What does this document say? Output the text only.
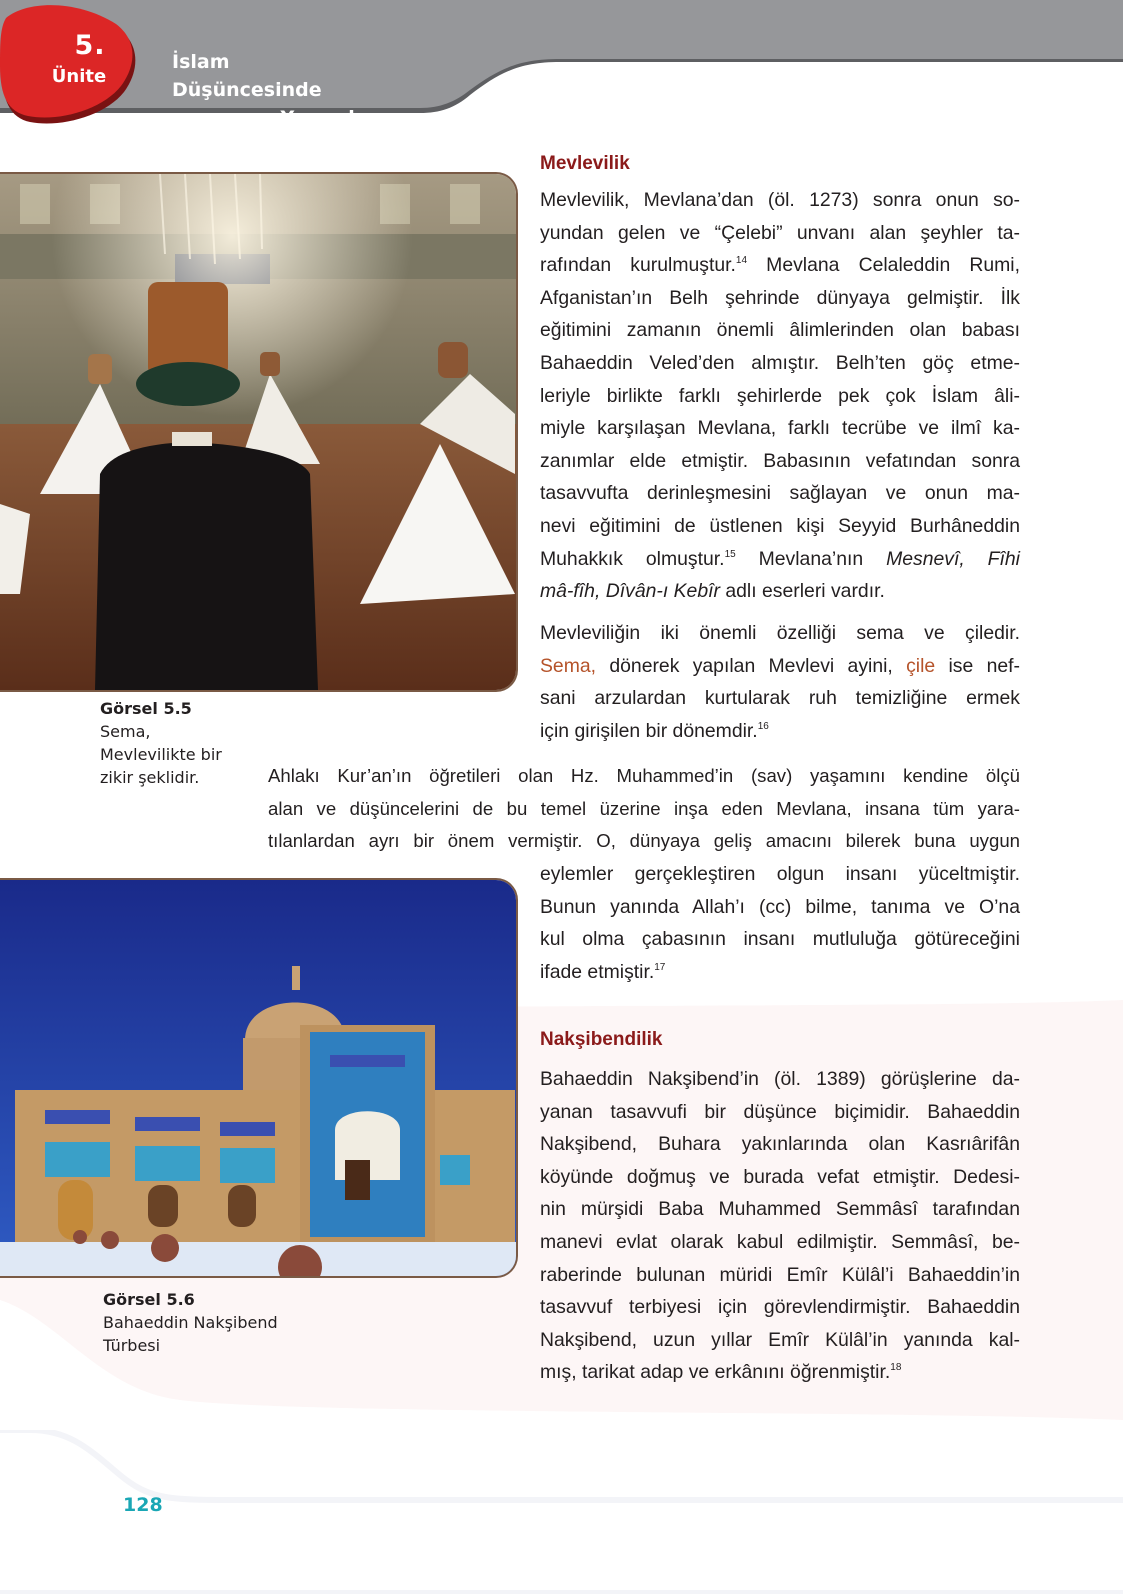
İslam Düşüncesinde
Yorumlar
5.
Ünite
Görsel 5.5
Sema,
Mevlevilikte bir
zikir şeklidir.
Görsel 5.6
Bahaeddin Nakşibend
Türbesi
Mevlevilik
Mevlevilik, Mevlana’dan (öl. 1273) sonra onun so-
yundan gelen ve “Çelebi” unvanı alan şeyhler ta-
rafından kurulmuştur.$^{14}$ Mevlana Celaleddin Rumi,
Afganistan’ın Belh şehrinde dünyaya gelmiştir. İlk
eğitimini zamanın önemli âlimlerinden olan babası
Bahaeddin Veled’den almıştır. Belh’ten göç etme-
leriyle birlikte farklı şehirlerde pek çok İslam âli-
miyle karşılaşan Mevlana, farklı tecrübe ve ilmî ka-
zanımlar elde etmiştir. Babasının vefatından sonra
tasavvufta derinleşmesini sağlayan ve onun ma-
nevi eğitimini de üstlenen kişi Seyyid Burhâneddin
Muhakkık olmuştur.$^{15}$ Mevlana’nın Mesnevî, Fîhi
mâ-fîh, Dîvân-ı Kebîr adlı eserleri vardır.
Mevleviliğin iki önemli özelliği sema ve çiledir.
Sema, dönerek yapılan Mevlevi ayini, çile ise nef-
sani arzulardan kurtularak ruh temizliğine ermek
için girişilen bir dönemdir.$^{16}$
Ahlakı Kur’an’ın öğretileri olan Hz. Muhammed’in (sav) yaşamını kendine ölçü
alan ve düşüncelerini de bu temel üzerine inşa eden Mevlana, insana tüm yara-
tılanlardan ayrı bir önem vermiştir. O, dünyaya geliş amacını bilerek buna uygun
eylemler gerçekleştiren olgun insanı yüceltmiştir.
Bunun yanında Allah’ı (cc) bilme, tanıma ve O’na
kul olma çabasının insanı mutluluğa götüreceğini
ifade etmiştir.$^{17}$
Nakşibendilik
Bahaeddin Nakşibend’in (öl. 1389) görüşlerine da-
yanan tasavvufi bir düşünce biçimidir. Bahaeddin
Nakşibend, Buhara yakınlarında olan Kasrıârifân
köyünde doğmuş ve burada vefat etmiştir. Dedesi-
nin mürşidi Baba Muhammed Semmâsî tarafından
manevi evlat olarak kabul edilmiştir. Semmâsî, be-
raberinde bulunan müridi Emîr Külâl’i Bahaeddin’in
tasavvuf terbiyesi için görevlendirmiştir. Bahaeddin
Nakşibend, uzun yıllar Emîr Külâl’in yanında kal-
mış, tarikat adap ve erkânını öğrenmiştir.$^{18}$
128
